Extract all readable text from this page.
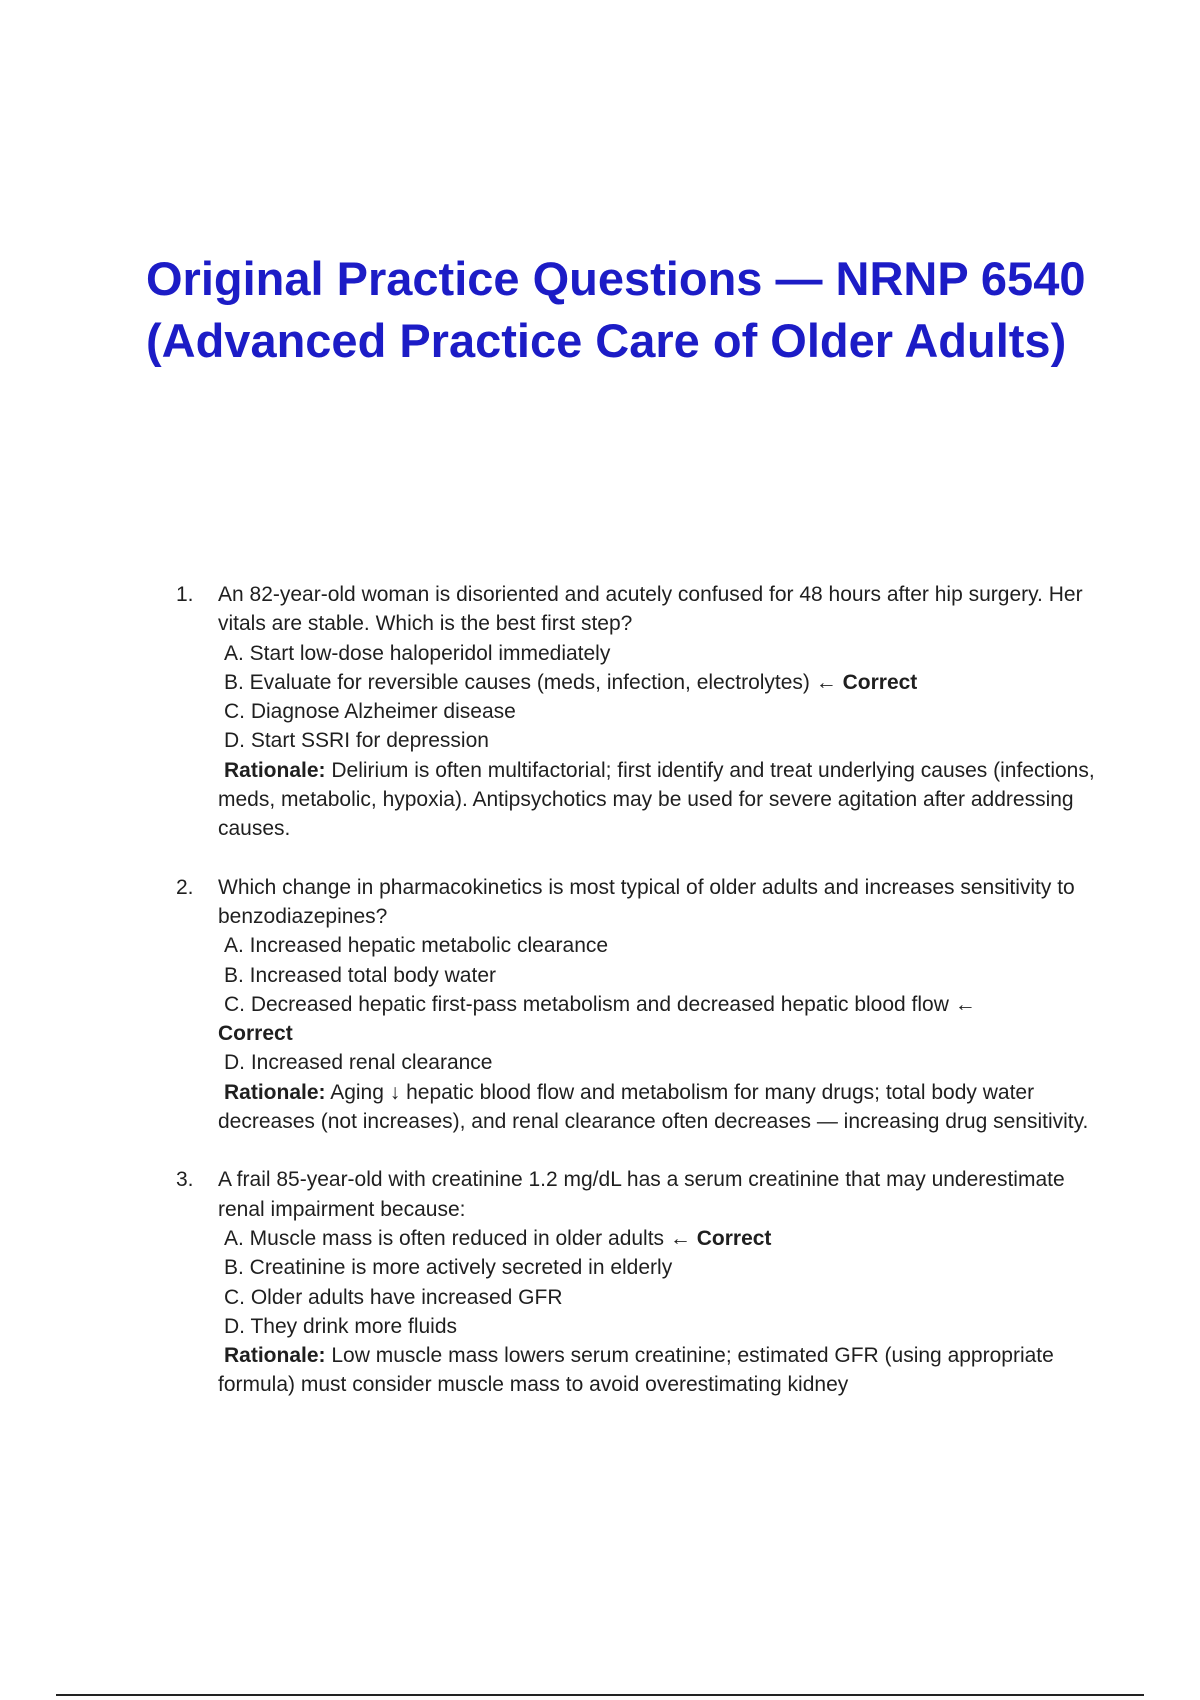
Original Practice Questions — NRNP 6540 (Advanced Practice Care of Older Adults)
1. An 82-year-old woman is disoriented and acutely confused for 48 hours after hip surgery. Her vitals are stable. Which is the best first step?
A. Start low-dose haloperidol immediately
B. Evaluate for reversible causes (meds, infection, electrolytes) ← Correct
C. Diagnose Alzheimer disease
D. Start SSRI for depression
Rationale: Delirium is often multifactorial; first identify and treat underlying causes (infections, meds, metabolic, hypoxia). Antipsychotics may be used for severe agitation after addressing causes.
2. Which change in pharmacokinetics is most typical of older adults and increases sensitivity to benzodiazepines?
A. Increased hepatic metabolic clearance
B. Increased total body water
C. Decreased hepatic first-pass metabolism and decreased hepatic blood flow ←
Correct
D. Increased renal clearance
Rationale: Aging ↓ hepatic blood flow and metabolism for many drugs; total body water decreases (not increases), and renal clearance often decreases — increasing drug sensitivity.
3. A frail 85-year-old with creatinine 1.2 mg/dL has a serum creatinine that may underestimate renal impairment because:
A. Muscle mass is often reduced in older adults ← Correct
B. Creatinine is more actively secreted in elderly
C. Older adults have increased GFR
D. They drink more fluids
Rationale: Low muscle mass lowers serum creatinine; estimated GFR (using appropriate formula) must consider muscle mass to avoid overestimating kidney
